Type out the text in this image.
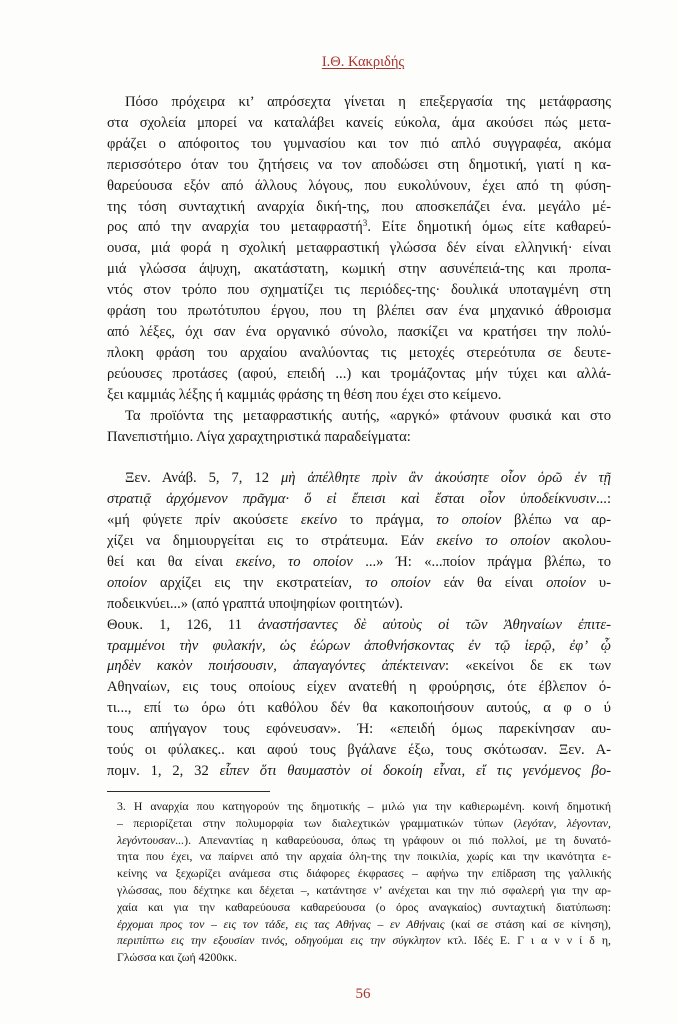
Ι.Θ. Κακριδής
Πόσο πρόχειρα κι’ απρόσεχτα γίνεται η επεξεργασία της μετάφρασης
στα σχολεία μπορεί να καταλάβει κανείς εύκολα, άμα ακούσει πώς μετα-
φράζει ο απόφοιτος του γυμνασίου και τον πιό απλό συγγραφέα, ακόμα
περισσότερο όταν του ζητήσεις να τον αποδώσει στη δημοτική, γιατί η κα-
θαρεύουσα εξόν από άλλους λόγους, που ευκολύνουν, έχει από τη φύση-
της τόση συνταχτική αναρχία δική-της, που αποσκεπάζει ένα. μεγάλο μέ-
ρος από την αναρχία του μεταφραστή$^3$. Είτε δημοτική όμως είτε καθαρεύ-
ουσα, μιά φορά η σχολική μεταφραστική γλώσσα δέν είναι ελληνική· είναι
μιά γλώσσα άψυχη, ακατάστατη, κωμική στην ασυνέπειά-της και προπα-
ντός στον τρόπο που σχηματίζει τις περιόδες-της· δουλικά υποταγμένη στη
φράση του πρωτότυπου έργου, που τη βλέπει σαν ένα μηχανικό άθροισμα
από λέξες, όχι σαν ένα οργανικό σύνολο, πασκίζει να κρατήσει την πολύ-
πλοκη φράση του αρχαίου αναλύοντας τις μετοχές στερεότυπα σε δευτε-
ρεύουσες προτάσες (αφού, επειδή ...) και τρομάζοντας μήν τύχει και αλλά-
ξει καμμιάς λέξης ή καμμιάς φράσης τη θέση που έχει στο κείμενο.
Τα προϊόντα της μεταφραστικής αυτής, «αργκό» φτάνουν φυσικά και στο
Πανεπιστήμιο. Λίγα χαραχτηριστικά παραδείγματα:
Ξεν. Ανάβ. 5, 7, 12 μὴ ἀπέλθητε πρὶν ἂν ἀκούσητε οἷον ὁρῶ ἐν τῇ
στρατιᾷ ἀρχόμενον πρᾶγμα· ὅ εἰ ἔπεισι καὶ ἔσται οἷον ὑποδείκνυσιν...:
«μή φύγετε πρίν ακούσετε εκείνο το πράγμα, το οποίον βλέπω να αρ-
χίζει να δημιουργείται εις το στράτευμα. Εάν εκείνο το οποίον ακολου-
θεί και θα είναι εκείνο, το οποίον ...» Ή: «...ποίον πράγμα βλέπω, το
οποίον αρχίζει εις την εκστρατείαν, το οποίον εάν θα είναι οποίον υ-
ποδεικνύει...» (από γραπτά υποψηφίων φοιτητών).
Θουκ. 1, 126, 11 ἀναστήσαντες δὲ αὐτοὺς οἱ τῶν Ἀθηναίων ἐπιτε-
τραμμένοι τὴν φυλακήν, ὡς ἑώρων ἀποθνήσκοντας ἐν τῷ ἱερῷ, ἐφ’ ᾧ
μηδὲν κακὸν ποιήσουσιν, ἀπαγαγόντες ἀπέκτειναν: «εκείνοι δε εκ των
Αθηναίων, εις τους οποίους είχεν ανατεθή η φρούρησις, ότε έβλεπον ό-
τι..., επί τω όρω ότι καθόλου δέν θα κακοποιήσουν αυτούς, α φ ο ύ
τους απήγαγον τους εφόνευσαν». Ή: «επειδή όμως παρεκίνησαν αυ-
τούς οι φύλακες.. και αφού τους βγάλανε έξω, τους σκότωσαν. Ξεν. Α-
πομν. 1, 2, 32 εἶπεν ὅτι θαυμαστὸν οἱ δοκοίη εἶναι, εἴ τις γενόμενος βο-
3. Η αναρχία που κατηγορούν της δημοτικής – μιλώ για την καθιερωμένη. κοινή δημοτική
– περιορίζεται στην πολυμορφία των διαλεχτικών γραμματικών τύπων (λεγόταν, λέγονταν,
λεγόντουσαν...). Απεναντίας η καθαρεύουσα, όπως τη γράφουν οι πιό πολλοί, με τη δυνατό-
τητα που έχει, να παίρνει από την αρχαία όλη-της την ποικιλία, χωρίς και την ικανότητα ε-
κείνης να ξεχωρίζει ανάμεσα στις διάφορες έκφρασες – αφήνω την επίδραση της γαλλικής
γλώσσας, που δέχτηκε και δέχεται –, κατάντησε ν’ ανέχεται και την πιό σφαλερή για την αρ-
χαία και για την καθαρεύουσα καθαρεύουσα (ο όρος αναγκαίος) συνταχτική διατύπωση:
έρχομαι προς τον – εις τον τάδε, εις τας Αθήνας – εν Αθήναις (καί σε στάση καί σε κίνηση),
περιπίπτω εις την εξουσίαν τινός, οδηγούμαι εις την σύγκλητον κτλ. Ιδές Ε. Γ ι α ν ν ί δ η,
Γλώσσα και ζωή 4200κκ.
56
